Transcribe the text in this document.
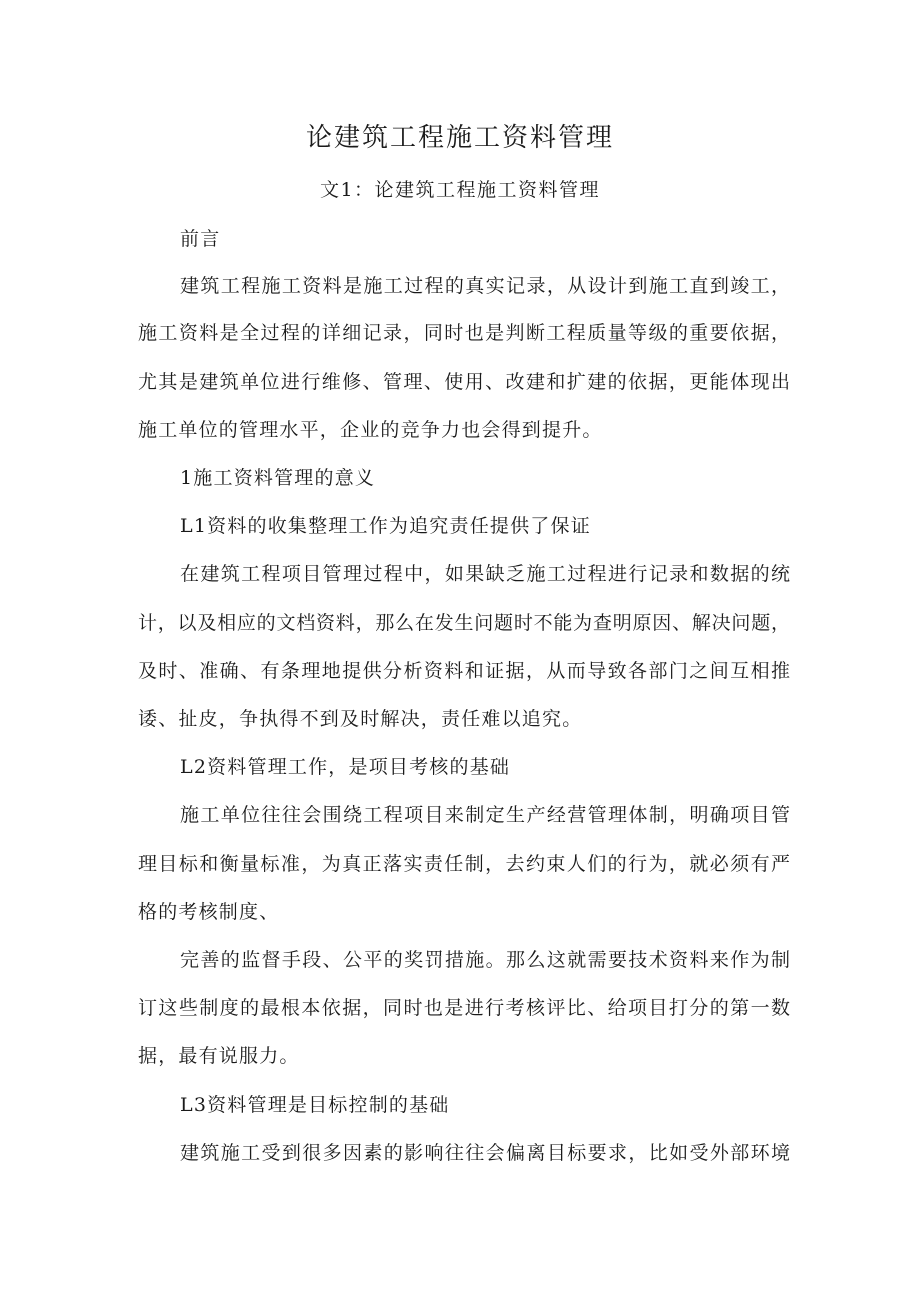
论建筑工程施工资料管理
文1：论建筑工程施工资料管理
前言
建筑工程施工资料是施工过程的真实记录，从设计到施工直到竣工，
施工资料是全过程的详细记录，同时也是判断工程质量等级的重要依据，
尤其是建筑单位进行维修、管理、使用、改建和扩建的依据，更能体现出
施工单位的管理水平，企业的竞争力也会得到提升。
1施工资料管理的意义
L1资料的收集整理工作为追究责任提供了保证
在建筑工程项目管理过程中，如果缺乏施工过程进行记录和数据的统
计，以及相应的文档资料，那么在发生问题时不能为查明原因、解决问题，
及时、准确、有条理地提供分析资料和证据，从而导致各部门之间互相推
诿、扯皮，争执得不到及时解决，责任难以追究。
L2资料管理工作，是项目考核的基础
施工单位往往会围绕工程项目来制定生产经营管理体制，明确项目管
理目标和衡量标准，为真正落实责任制，去约束人们的行为，就必须有严
格的考核制度、
完善的监督手段、公平的奖罚措施。那么这就需要技术资料来作为制
订这些制度的最根本依据，同时也是进行考核评比、给项目打分的第一数
据，最有说服力。
L3资料管理是目标控制的基础
建筑施工受到很多因素的影响往往会偏离目标要求，比如受外部环境
